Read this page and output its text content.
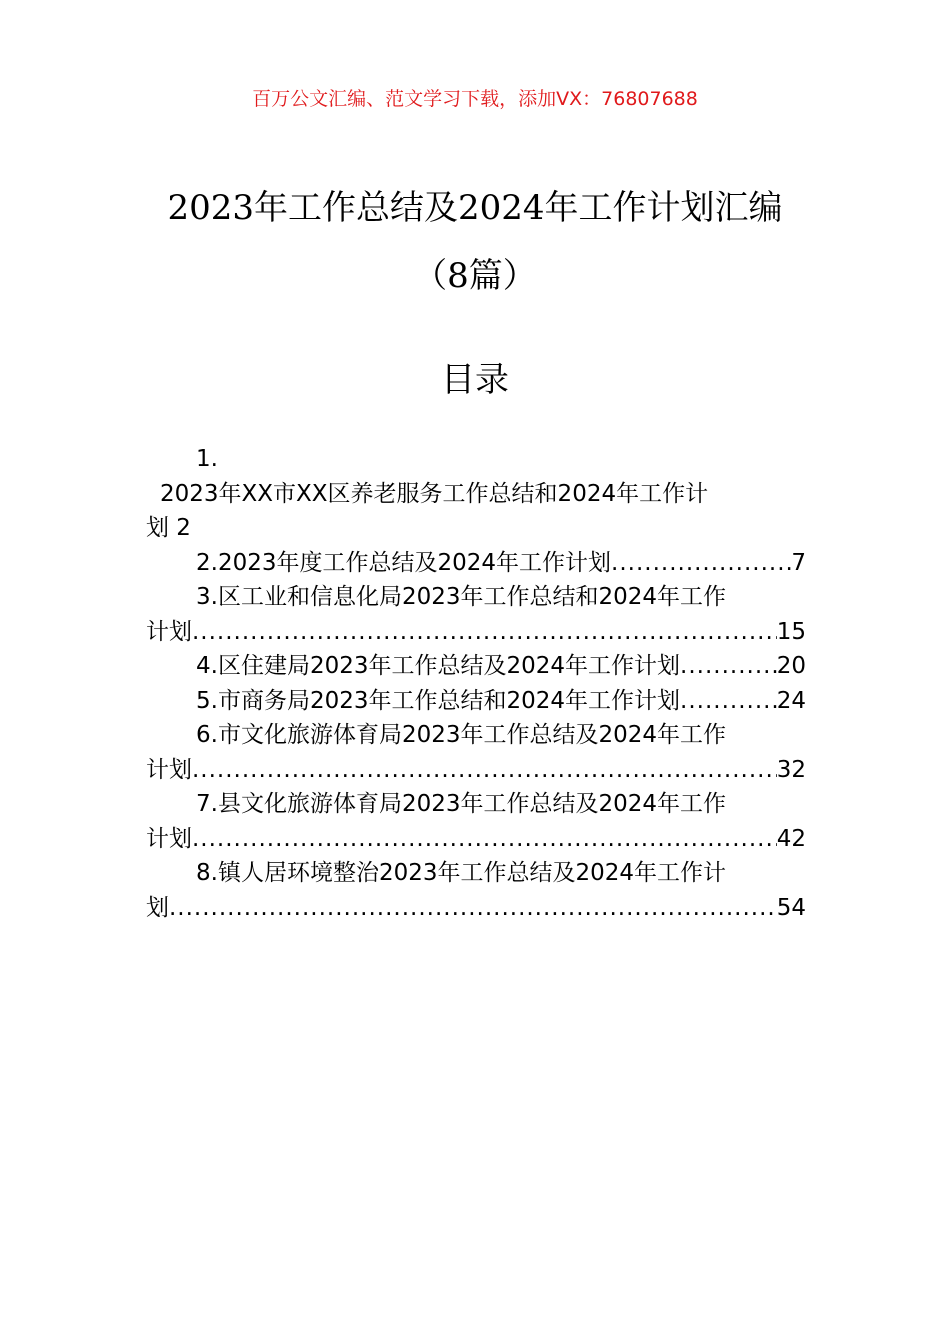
百万公文汇编、范文学习下载，添加VX：76807688
2023年工作总结及2024年工作计划汇编
（8篇）
目录
1.
2023年XX市XX区养老服务工作总结和2024年工作计
划 2
2.2023年度工作总结及2024年工作计划 .....	7
3.区工业和信息化局2023年工作总结和2024年工作
计划 .....	15
4.区住建局2023年工作总结及2024年工作计划 .....	20
5.市商务局2023年工作总结和2024年工作计划 .....	24
6.市文化旅游体育局2023年工作总结及2024年工作
计划 .....	32
7.县文化旅游体育局2023年工作总结及2024年工作
计划 .....	42
8.镇人居环境整治2023年工作总结及2024年工作计
划 .....	54
